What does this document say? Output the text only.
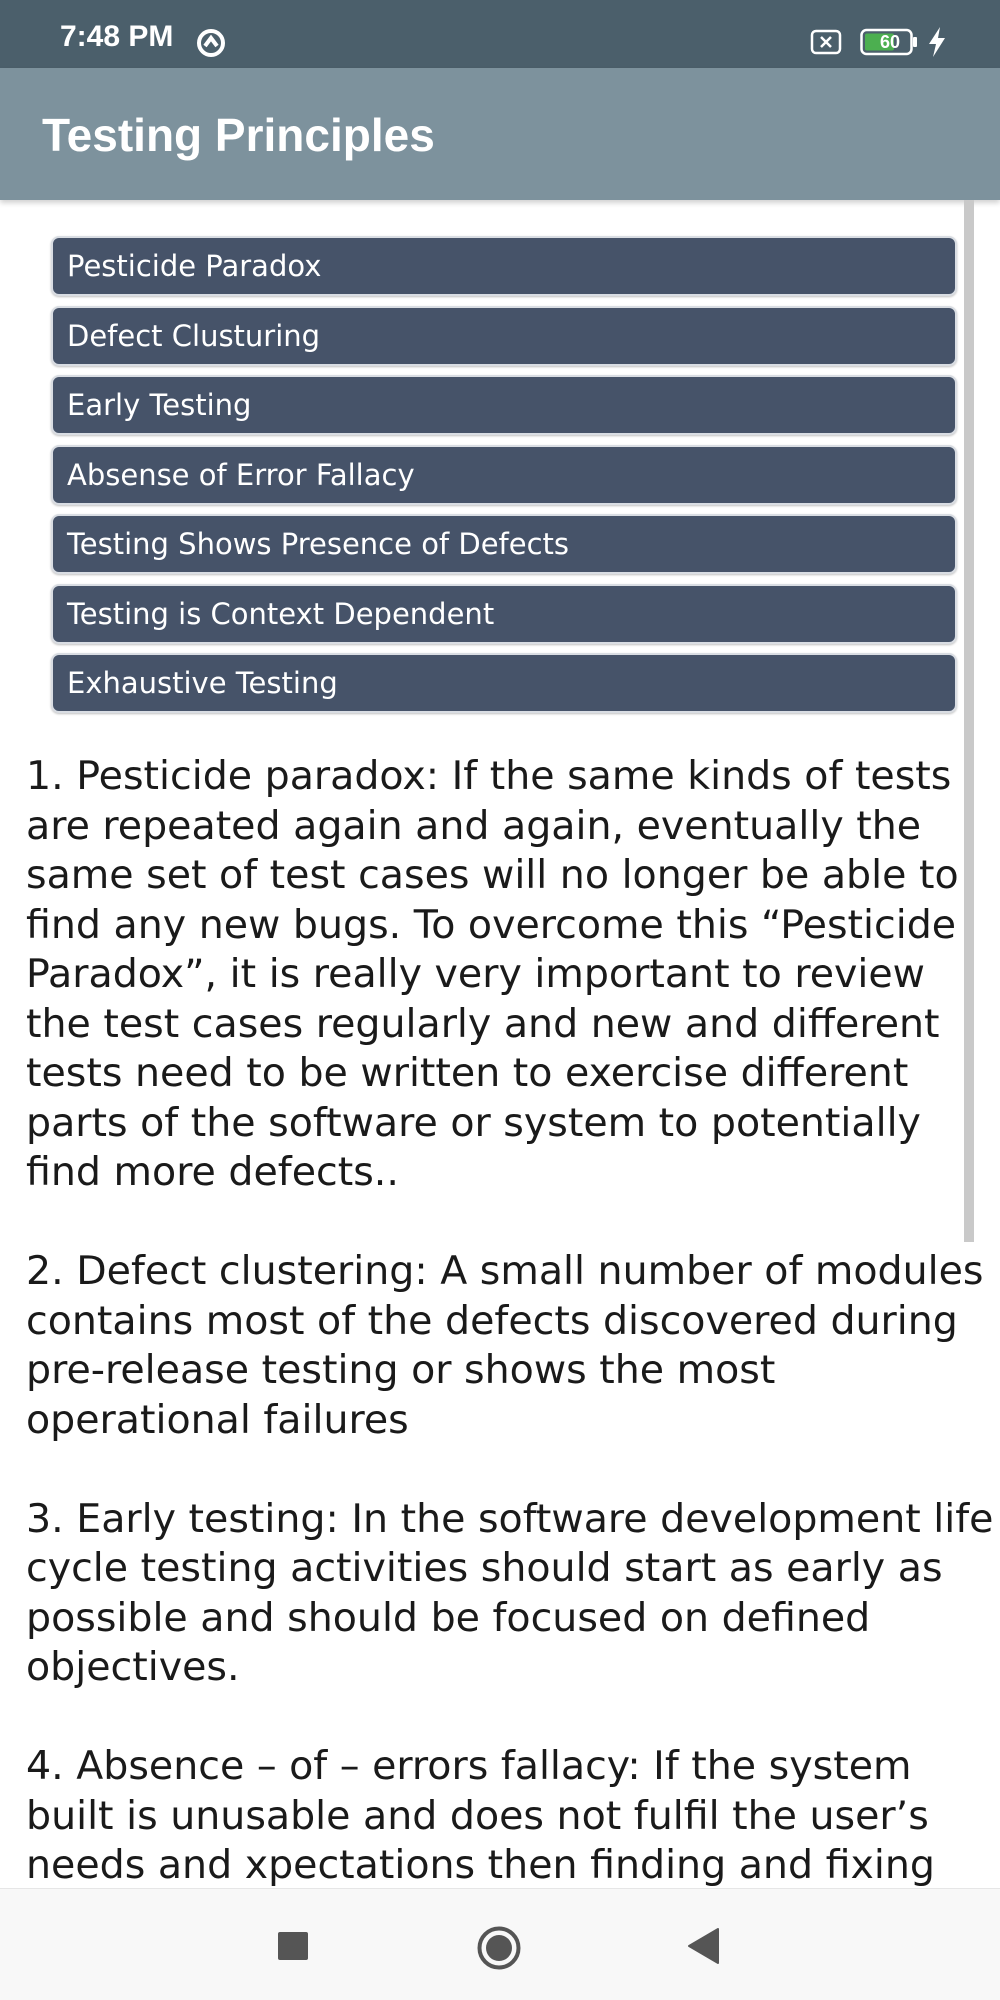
7:48 PM	60
Testing Principles
Pesticide Paradox
Defect Clusturing
Early Testing
Absense of Error Fallacy
Testing Shows Presence of Defects
Testing is Context Dependent
Exhaustive Testing

1. Pesticide paradox: If the same kinds of tests are repeated again and again, eventually the same set of test cases will no longer be able to find any new bugs. To overcome this “Pesticide Paradox”, it is really very important to review the test cases regularly and new and different tests need to be written to exercise different parts of the software or system to potentially find more defects..

2. Defect clustering: A small number of modules contains most of the defects discovered during pre-release testing or shows the most operational failures

3. Early testing: In the software development life cycle testing activities should start as early as possible and should be focused on defined objectives.

4. Absence – of – errors fallacy: If the system built is unusable and does not fulfil the user’s needs and xpectations then finding and fixing
